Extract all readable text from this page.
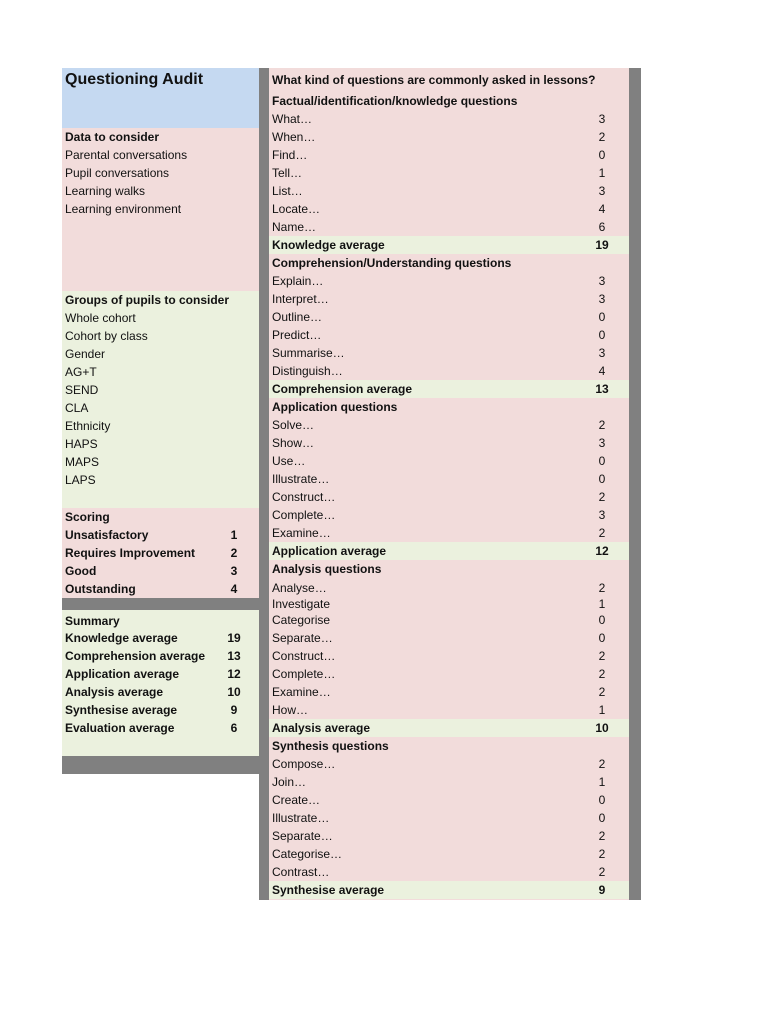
Questioning Audit
Data to consider
Parental conversations
Pupil conversations
Learning walks
Learning environment
Groups of pupils to consider
Whole cohort
Cohort by class
Gender
AG+T
SEND
CLA
Ethnicity
HAPS
MAPS
LAPS
Scoring
Unsatisfactory	1
Requires Improvement	2
Good	3
Outstanding	4
Summary
Knowledge average	19
Comprehension average 13
Application average	12
Analysis average	10
Synthesise average	9
Evaluation average	6
What kind of questions are commonly asked in lessons?
Factual/identification/knowledge questions
What…	3
When…	2
Find…	0
Tell…	1
List…	3
Locate…	4
Name…	6
Knowledge average	19
Comprehension/Understanding questions
Explain…	3
Interpret…	3
Outline…	0
Predict…	0
Summarise…	3
Distinguish…	4
Comprehension average	13
Application questions
Solve…	2
Show…	3
Use…	0
Illustrate…	0
Construct…	2
Complete…	3
Examine…	2
Application average	12
Analysis questions
Analyse…	2
Investigate	1
Categorise	0
Separate…	0
Construct…	2
Complete…	2
Examine…	2
How…	1
Analysis average	10
Synthesis questions
Compose…	2
Join…	1
Create…	0
Illustrate…	0
Separate…	2
Categorise…	2
Contrast…	2
Synthesise average	9
